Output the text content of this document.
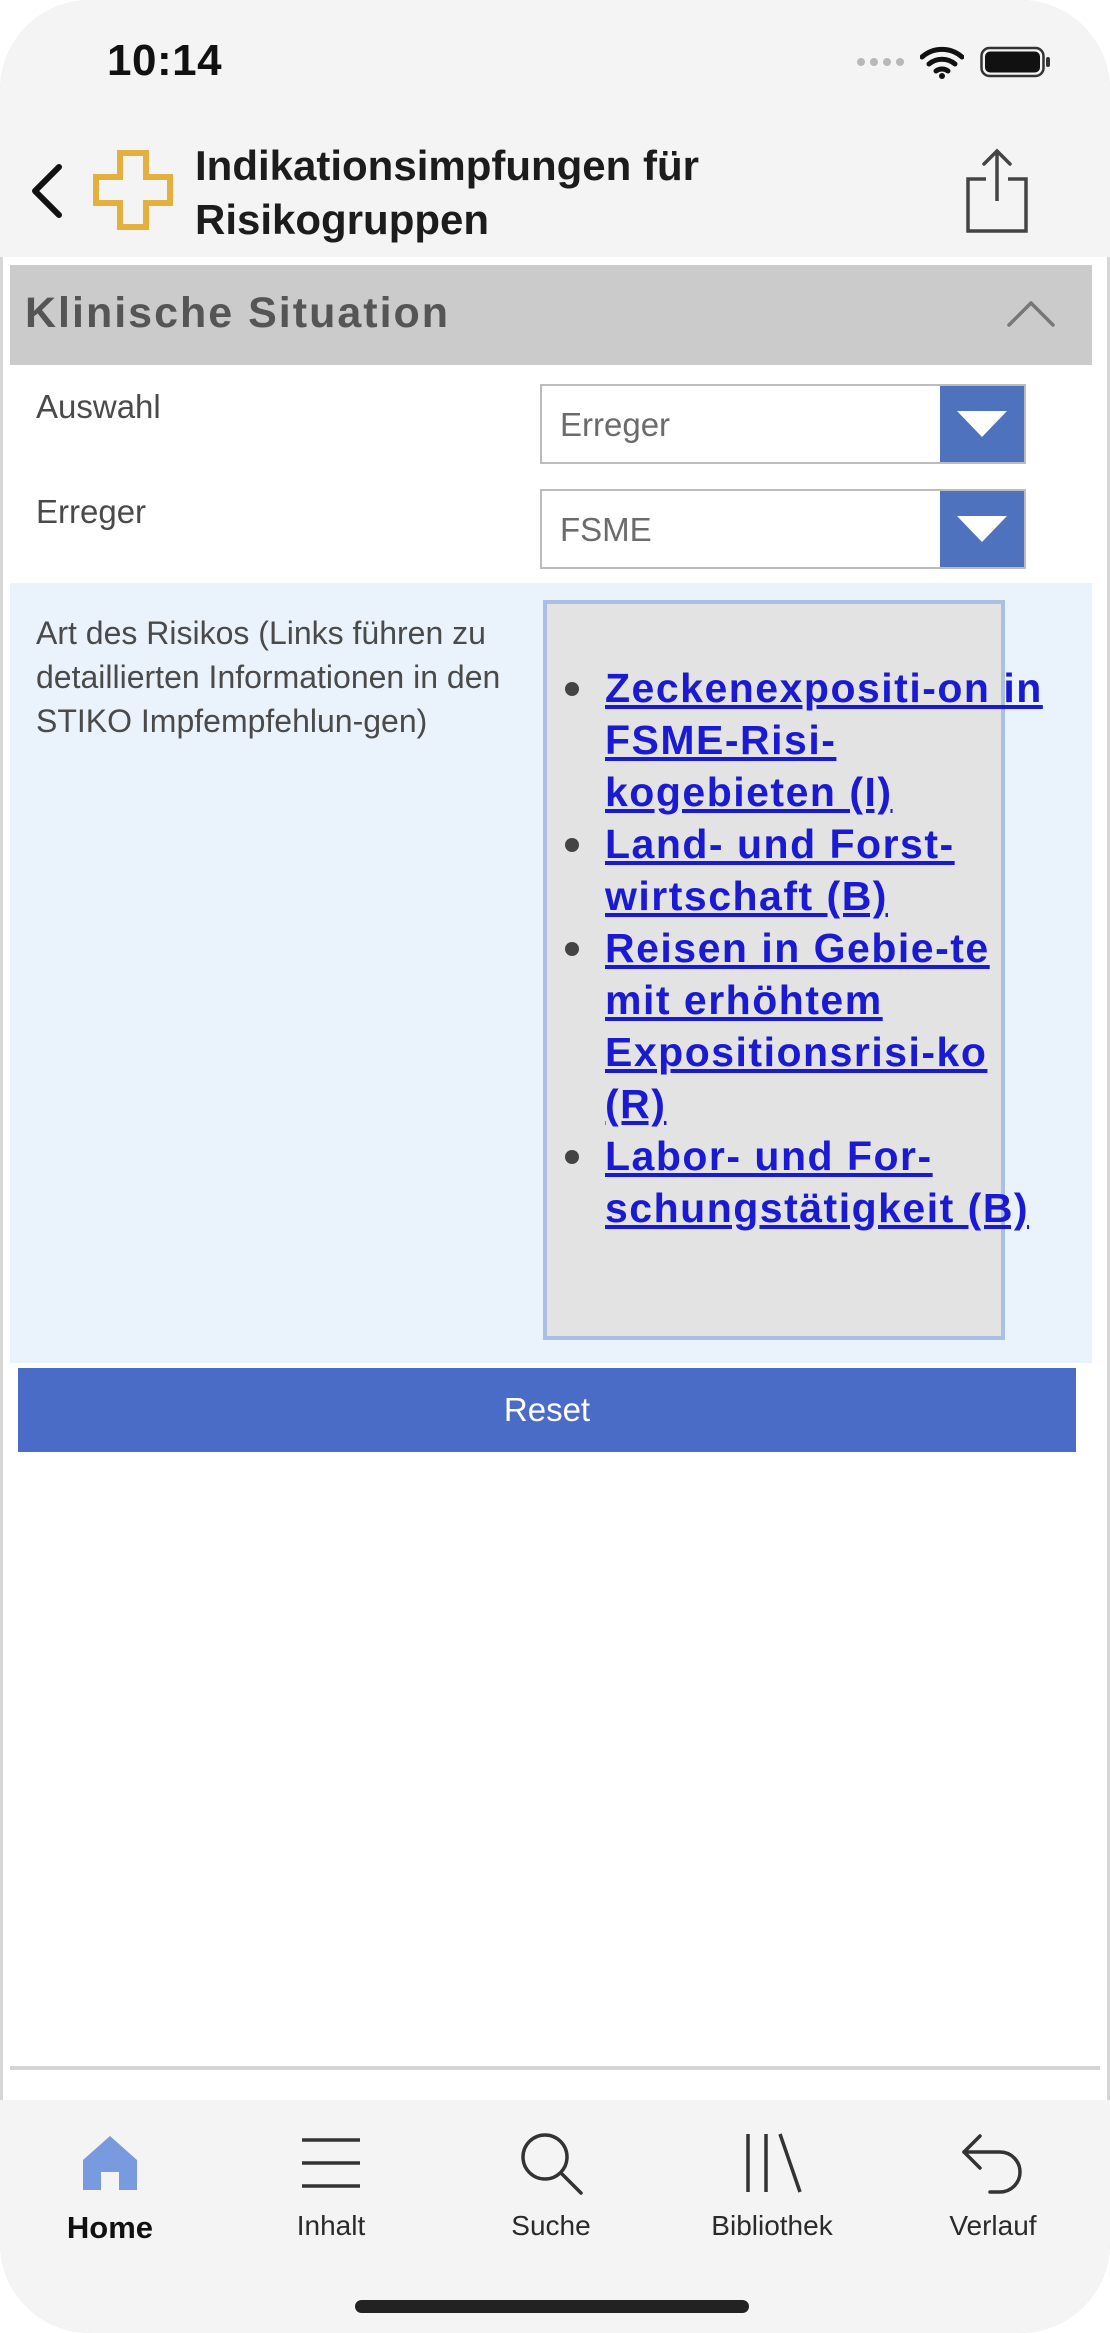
10:14
Indikationsimpfungen für
Risikogruppen
Klinische Situation
Auswahl	Erreger
Erreger	FSME
Art des Risikos (Links führen zu detaillierten Informationen in den STIKO Impfempfehlun-gen)
Zeckenexpositi-on in FSME-Risi-kogebieten (I)
Land- und Forst-wirtschaft (B)
Reisen in Gebie-te mit erhöhtem Expositionsrisi-ko (R)
Labor- und For-schungstätigkeit (B)
Reset
Home	Inhalt	Suche	Bibliothek	Verlauf
